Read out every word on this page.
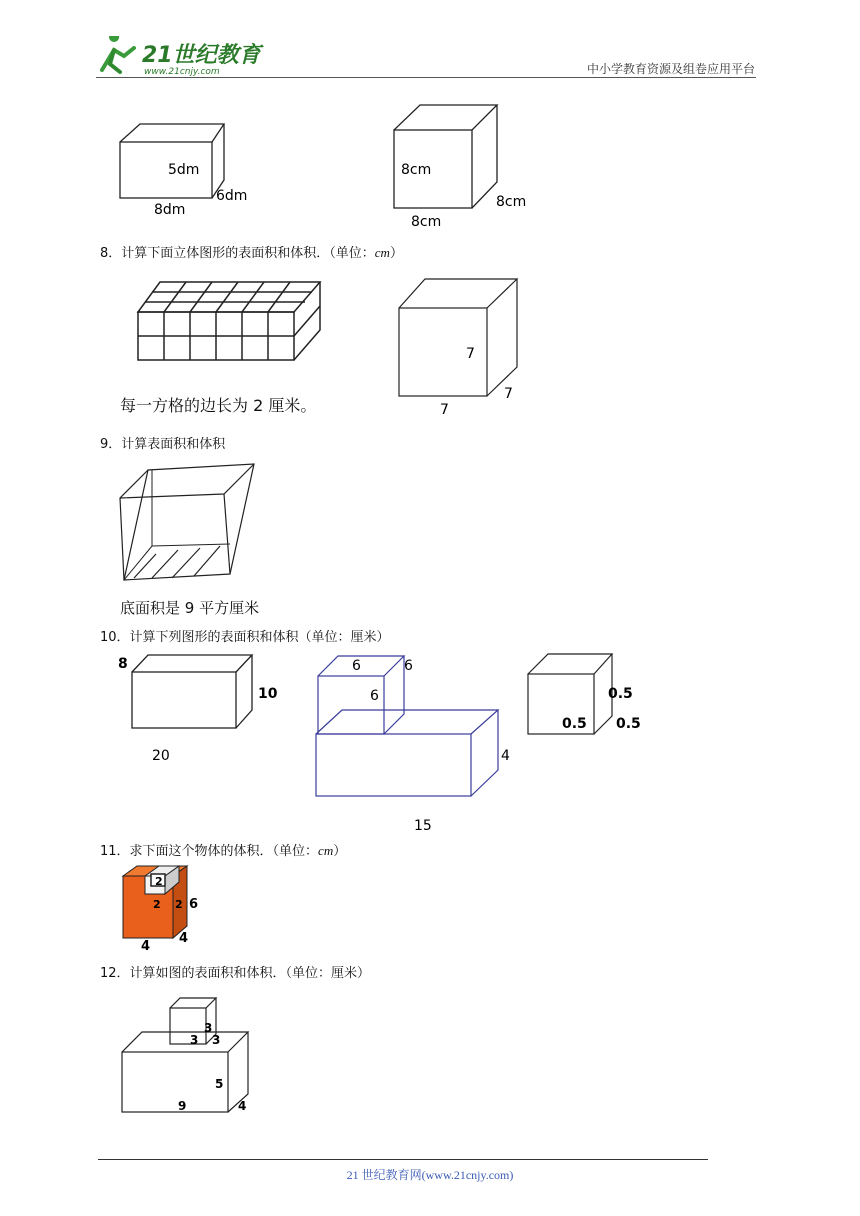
21世纪教育
www.21cnjy.com	中小学教育资源及组卷应用平台
5dm
6dm
8dm
8cm
8cm
8cm
8．计算下面立体图形的表面积和体积．（单位：cm）
每一方格的边长为 2 厘米。
7
7
7
9．计算表面积和体积
底面积是 9 平方厘米
10．计算下列图形的表面积和体积（单位：厘米）
8
10
20
6	6
6
4
15
0.5
0.5 0.5
11．求下面这个物体的体积．（单位：cm）
2
2 2 6
4
4
12．计算如图的表面积和体积．（单位：厘米）
3
3 3
5
9	4
21 世纪教育网(www.21cnjy.com)
